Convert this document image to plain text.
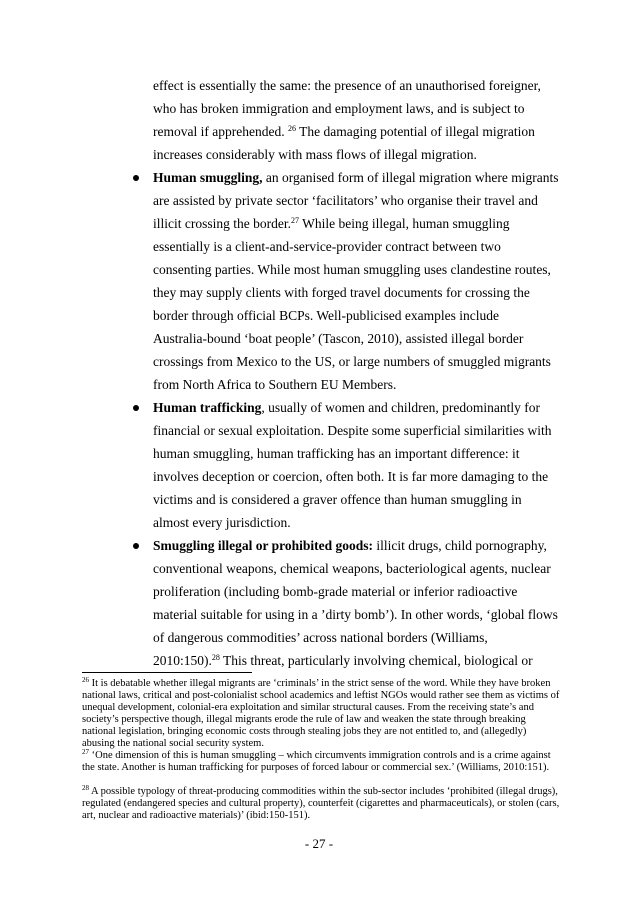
effect is essentially the same: the presence of an unauthorised foreigner,
who has broken immigration and employment laws, and is subject to
removal if apprehended. $^{26}$ The damaging potential of illegal migration
increases considerably with mass flows of illegal migration.
Human smuggling, an organised form of illegal migration where migrants
are assisted by private sector ‘facilitators’ who organise their travel and
illicit crossing the border.$^{27}$ While being illegal, human smuggling
essentially is a client-and-service-provider contract between two
consenting parties. While most human smuggling uses clandestine routes,
they may supply clients with forged travel documents for crossing the
border through official BCPs. Well-publicised examples include
Australia-bound ‘boat people’ (Tascon, 2010), assisted illegal border
crossings from Mexico to the US, or large numbers of smuggled migrants
from North Africa to Southern EU Members.
Human trafficking, usually of women and children, predominantly for
financial or sexual exploitation. Despite some superficial similarities with
human smuggling, human trafficking has an important difference: it
involves deception or coercion, often both. It is far more damaging to the
victims and is considered a graver offence than human smuggling in
almost every jurisdiction.
Smuggling illegal or prohibited goods: illicit drugs, child pornography,
conventional weapons, chemical weapons, bacteriological agents, nuclear
proliferation (including bomb-grade material or inferior radioactive
material suitable for using in a ’dirty bomb’). In other words, ‘global flows
of dangerous commodities’ across national borders (Williams,
2010:150).$^{28}$ This threat, particularly involving chemical, biological or

$^{26}$ It is debatable whether illegal migrants are ‘criminals’ in the strict sense of the word. While they have broken national laws, critical and post-colonialist school academics and leftist NGOs would rather see them as victims of unequal development, colonial-era exploitation and similar structural causes. From the receiving state’s and society’s perspective though, illegal migrants erode the rule of law and weaken the state through breaking national legislation, bringing economic costs through stealing jobs they are not entitled to, and (allegedly) abusing the national social security system.

$^{27}$ ‘One dimension of this is human smuggling – which circumvents immigration controls and is a crime against the state. Another is human trafficking for purposes of forced labour or commercial sex.’ (Williams, 2010:151).

$^{28}$ A possible typology of threat-producing commodities within the sub-sector includes ‘prohibited (illegal drugs), regulated (endangered species and cultural property), counterfeit (cigarettes and pharmaceuticals), or stolen (cars, art, nuclear and radioactive materials)’ (ibid:150-151).

- 27 -
